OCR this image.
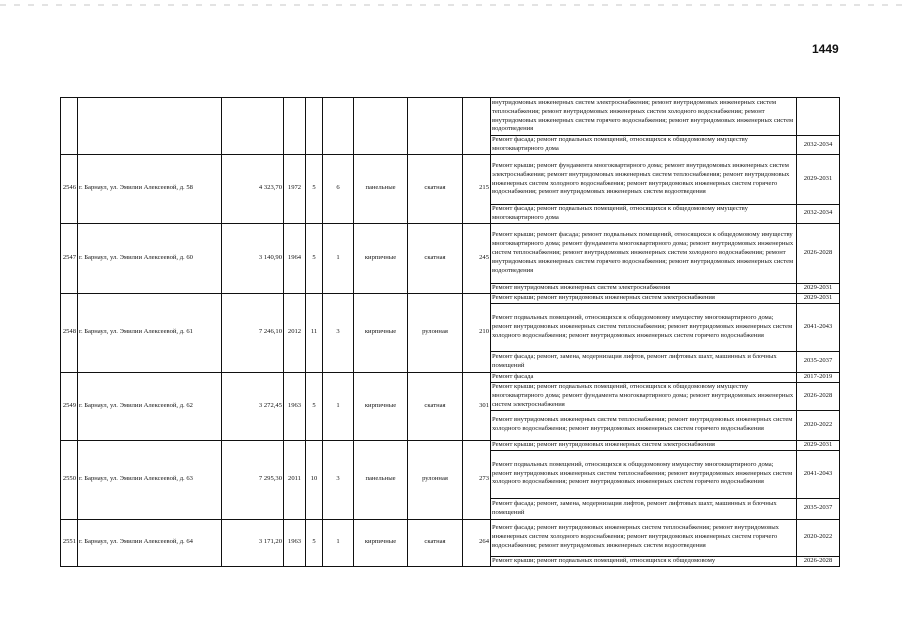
1449
									внутридомовых инженерных систем электроснабжения; ремонт внутридомовых инженерных систем теплоснабжения; ремонт внутридомовых инженерных систем холодного водоснабжения; ремонт внутридомовых инженерных систем горячего водоснабжения; ремонт внутридомовых инженерных систем водоотведения	
									Ремонт фасада; ремонт подвальных помещений, относящихся к общедомовому имуществу многоквартирного дома	2032-2034
2546	г. Барнаул, ул. Эмилии Алексеевой, д. 58	4 323,70	1972	5	6	панельные	скатная	215	Ремонт крыши; ремонт фундамента многоквартирного дома; ремонт внутридомовых инженерных систем электроснабжения; ремонт внутридомовых инженерных систем теплоснабжения; ремонт внутридомовых инженерных систем холодного водоснабжения; ремонт внутридомовых инженерных систем горячего водоснабжения; ремонт внутридомовых инженерных систем водоотведения	2029-2031
									Ремонт фасада; ремонт подвальных помещений, относящихся к общедомовому имуществу многоквартирного дома	2032-2034
2547	г. Барнаул, ул. Эмилии Алексеевой, д. 60	3 140,90	1964	5	1	кирпичные	скатная	245	Ремонт крыши; ремонт фасада; ремонт подвальных помещений, относящихся к общедомовому имуществу многоквартирного дома; ремонт фундамента многоквартирного дома; ремонт внутридомовых инженерных систем теплоснабжения; ремонт внутридомовых инженерных систем холодного водоснабжения; ремонт внутридомовых инженерных систем горячего водоснабжения; ремонт внутридомовых инженерных систем водоотведения	2026-2028
									Ремонт внутридомовых инженерных систем электроснабжения	2029-2031
2548	г. Барнаул, ул. Эмилии Алексеевой, д. 61	7 246,10	2012	11	3	кирпичные	рулонная	210	Ремонт крыши; ремонт внутридомовых инженерных систем электроснабжения	2029-2031
									Ремонт подвальных помещений, относящихся к общедомовому имуществу многоквартирного дома; ремонт внутридомовых инженерных систем теплоснабжения; ремонт внутридомовых инженерных систем холодного водоснабжения; ремонт внутридомовых инженерных систем горячего водоснабжения	2041-2043
									Ремонт фасада; ремонт, замена, модернизация лифтов, ремонт лифтовых шахт, машинных и блочных помещений	2035-2037
2549	г. Барнаул, ул. Эмилии Алексеевой, д. 62	3 272,45	1963	5	1	кирпичные	скатная	301	Ремонт фасада	2017-2019
									Ремонт крыши; ремонт подвальных помещений, относящихся к общедомовому имуществу многоквартирного дома; ремонт фундамента многоквартирного дома; ремонт внутридомовых инженерных систем электроснабжения	2026-2028
									Ремонт внутридомовых инженерных систем теплоснабжения; ремонт внутридомовых инженерных систем холодного водоснабжения; ремонт внутридомовых инженерных систем горячего водоснабжения	2020-2022
2550	г. Барнаул, ул. Эмилии Алексеевой, д. 63	7 295,30	2011	10	3	панельные	рулонная	273	Ремонт крыши; ремонт внутридомовых инженерных систем электроснабжения	2029-2031
									Ремонт подвальных помещений, относящихся к общедомовому имуществу многоквартирного дома; ремонт внутридомовых инженерных систем теплоснабжения; ремонт внутридомовых инженерных систем холодного водоснабжения; ремонт внутридомовых инженерных систем горячего водоснабжения	2041-2043
									Ремонт фасада; ремонт, замена, модернизация лифтов, ремонт лифтовых шахт, машинных и блочных помещений	2035-2037
2551	г. Барнаул, ул. Эмилии Алексеевой, д. 64	3 171,20	1963	5	1	кирпичные	скатная	264	Ремонт фасада; ремонт внутридомовых инженерных систем теплоснабжения; ремонт внутридомовых инженерных систем холодного водоснабжения; ремонт внутридомовых инженерных систем горячего водоснабжения; ремонт внутридомовых инженерных систем водоотведения	2020-2022
									Ремонт крыши; ремонт подвальных помещений, относящихся к общедомовому	2026-2028
